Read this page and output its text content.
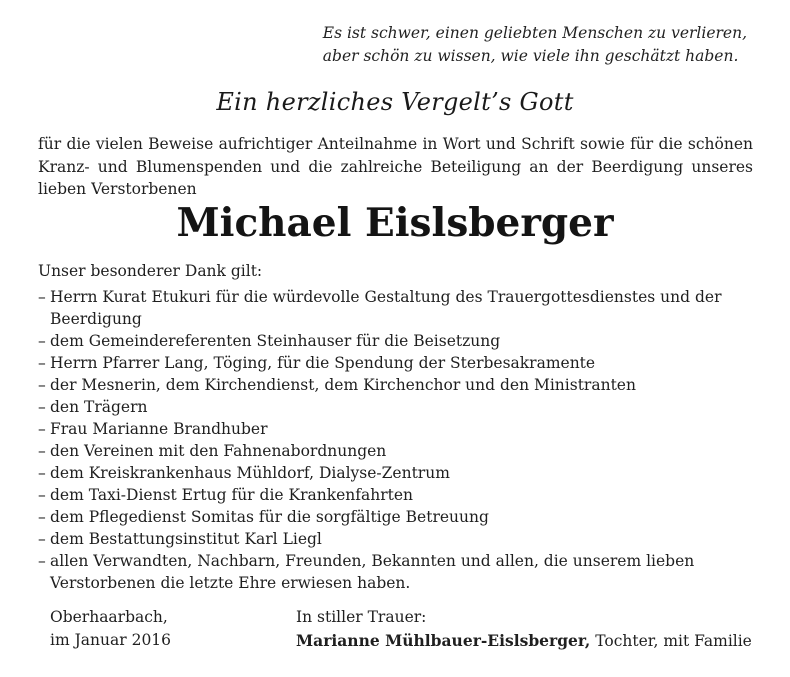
Es ist schwer, einen geliebten Menschen zu verlieren,
aber schön zu wissen, wie viele ihn geschätzt haben.
Ein herzliches Vergelt’s Gott
für die vielen Beweise aufrichtiger Anteilnahme in Wort und Schrift sowie für die schönen Kranz- und Blumenspenden und die zahlreiche Beteiligung an der Beerdigung unseres lieben Verstorbenen
Michael Eislsberger
Unser besonderer Dank gilt:
– Herrn Kurat Etukuri für die würdevolle Gestaltung des Trauergottesdienstes und der Beerdigung
– dem Gemeindereferenten Steinhauser für die Beisetzung
– Herrn Pfarrer Lang, Töging, für die Spendung der Sterbesakramente
– der Mesnerin, dem Kirchendienst, dem Kirchenchor und den Ministranten
– den Trägern
– Frau Marianne Brandhuber
– den Vereinen mit den Fahnenabordnungen
– dem Kreiskrankenhaus Mühldorf, Dialyse-Zentrum
– dem Taxi-Dienst Ertug für die Krankenfahrten
– dem Pflegedienst Somitas für die sorgfältige Betreuung
– dem Bestattungsinstitut Karl Liegl
– allen Verwandten, Nachbarn, Freunden, Bekannten und allen, die unserem lieben Verstorbenen die letzte Ehre erwiesen haben.
Oberhaarbach,
im Januar 2016
In stiller Trauer:
Marianne Mühlbauer-Eislsberger, Tochter, mit Familie
